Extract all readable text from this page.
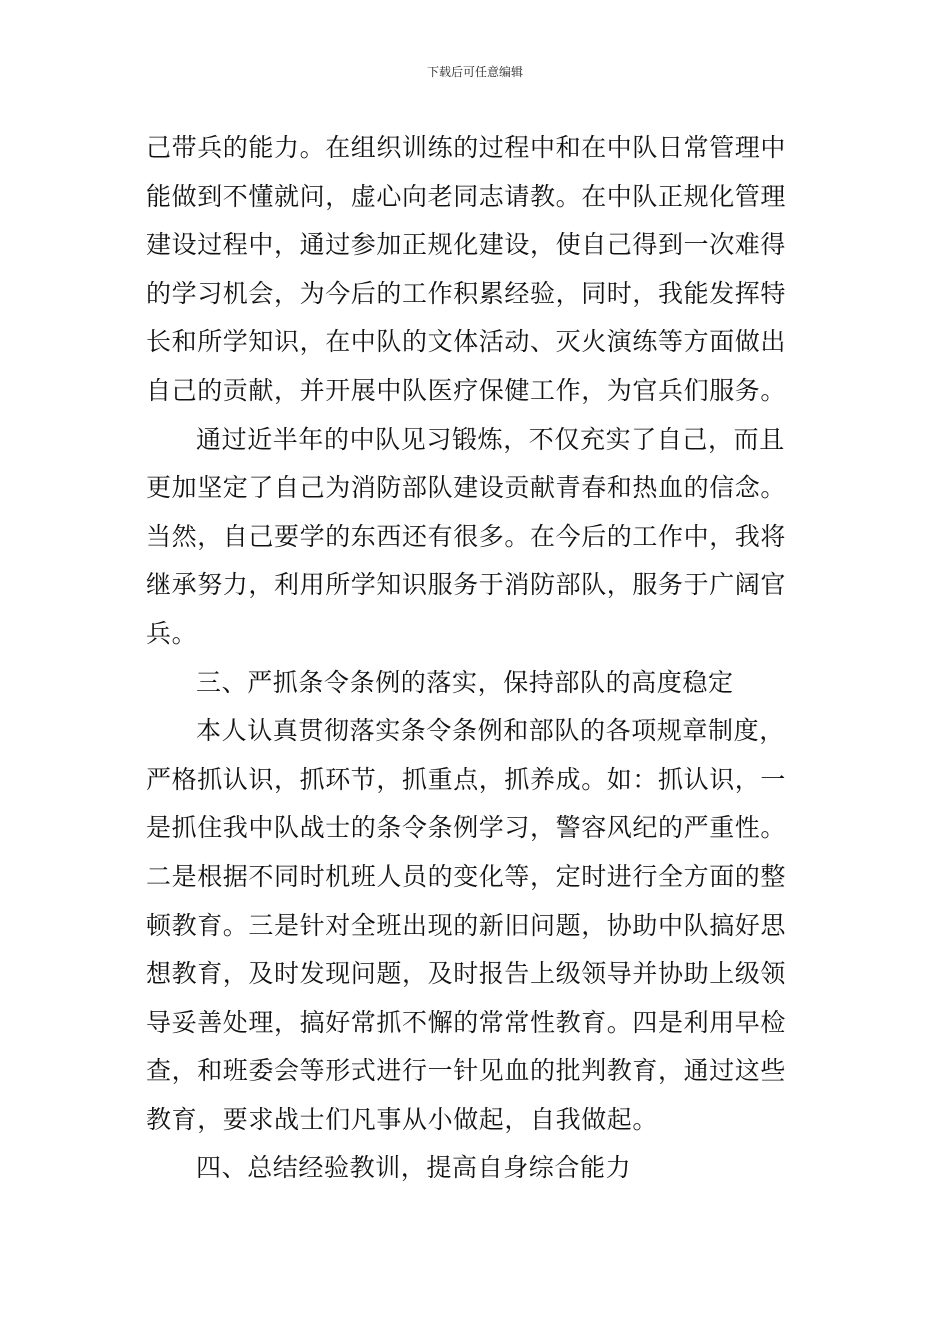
下载后可任意编辑
己带兵的能力。在组织训练的过程中和在中队日常管理中
能做到不懂就问，虚心向老同志请教。在中队正规化管理
建设过程中，通过参加正规化建设，使自己得到一次难得
的学习机会，为今后的工作积累经验，同时，我能发挥特
长和所学知识，在中队的文体活动、灭火演练等方面做出
自己的贡献，并开展中队医疗保健工作，为官兵们服务。
通过近半年的中队见习锻炼，不仅充实了自己，而且
更加坚定了自己为消防部队建设贡献青春和热血的信念。
当然，自己要学的东西还有很多。在今后的工作中，我将
继承努力，利用所学知识服务于消防部队，服务于广阔官
兵。
三、严抓条令条例的落实，保持部队的高度稳定
本人认真贯彻落实条令条例和部队的各项规章制度，
严格抓认识，抓环节，抓重点，抓养成。如：抓认识，一
是抓住我中队战士的条令条例学习，警容风纪的严重性。
二是根据不同时机班人员的变化等，定时进行全方面的整
顿教育。三是针对全班出现的新旧问题，协助中队搞好思
想教育，及时发现问题，及时报告上级领导并协助上级领
导妥善处理，搞好常抓不懈的常常性教育。四是利用早检
查，和班委会等形式进行一针见血的批判教育，通过这些
教育，要求战士们凡事从小做起，自我做起。
四、总结经验教训，提高自身综合能力
